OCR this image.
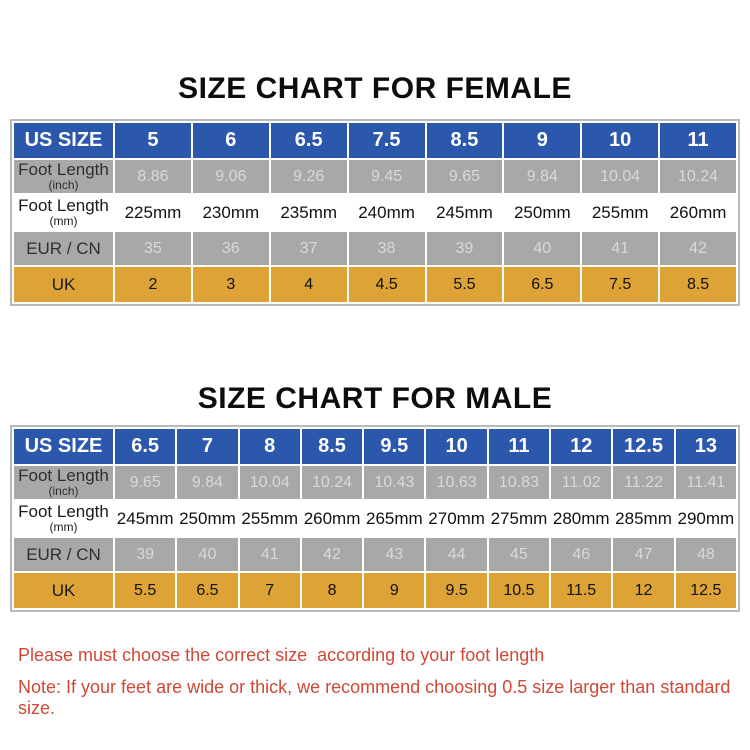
SIZE CHART FOR FEMALE
US SIZE	5	6	6.5	7.5	8.5	9	10	11
Foot Length
(inch)	8.86	9.06	9.26	9.45	9.65	9.84	10.04	10.24
Foot Length
(mm)	225mm	230mm	235mm	240mm	245mm	250mm	255mm	260mm
EUR / CN	35	36	37	38	39	40	41	42
UK	2	3	4	4.5	5.5	6.5	7.5	8.5
SIZE CHART FOR MALE
US SIZE	6.5	7	8	8.5	9.5	10	11	12	12.5	13
Foot Length
(inch)	9.65	9.84	10.04	10.24	10.43	10.63	10.83	11.02	11.22	11.41
Foot Length
(mm)	245mm	250mm	255mm	260mm	265mm	270mm	275mm	280mm	285mm	290mm
EUR / CN	39	40	41	42	43	44	45	46	47	48
UK	5.5	6.5	7	8	9	9.5	10.5	11.5	12	12.5

Please must choose the correct size  according to your foot length

Note: If your feet are wide or thick, we recommend choosing 0.5 size larger than standard size.
